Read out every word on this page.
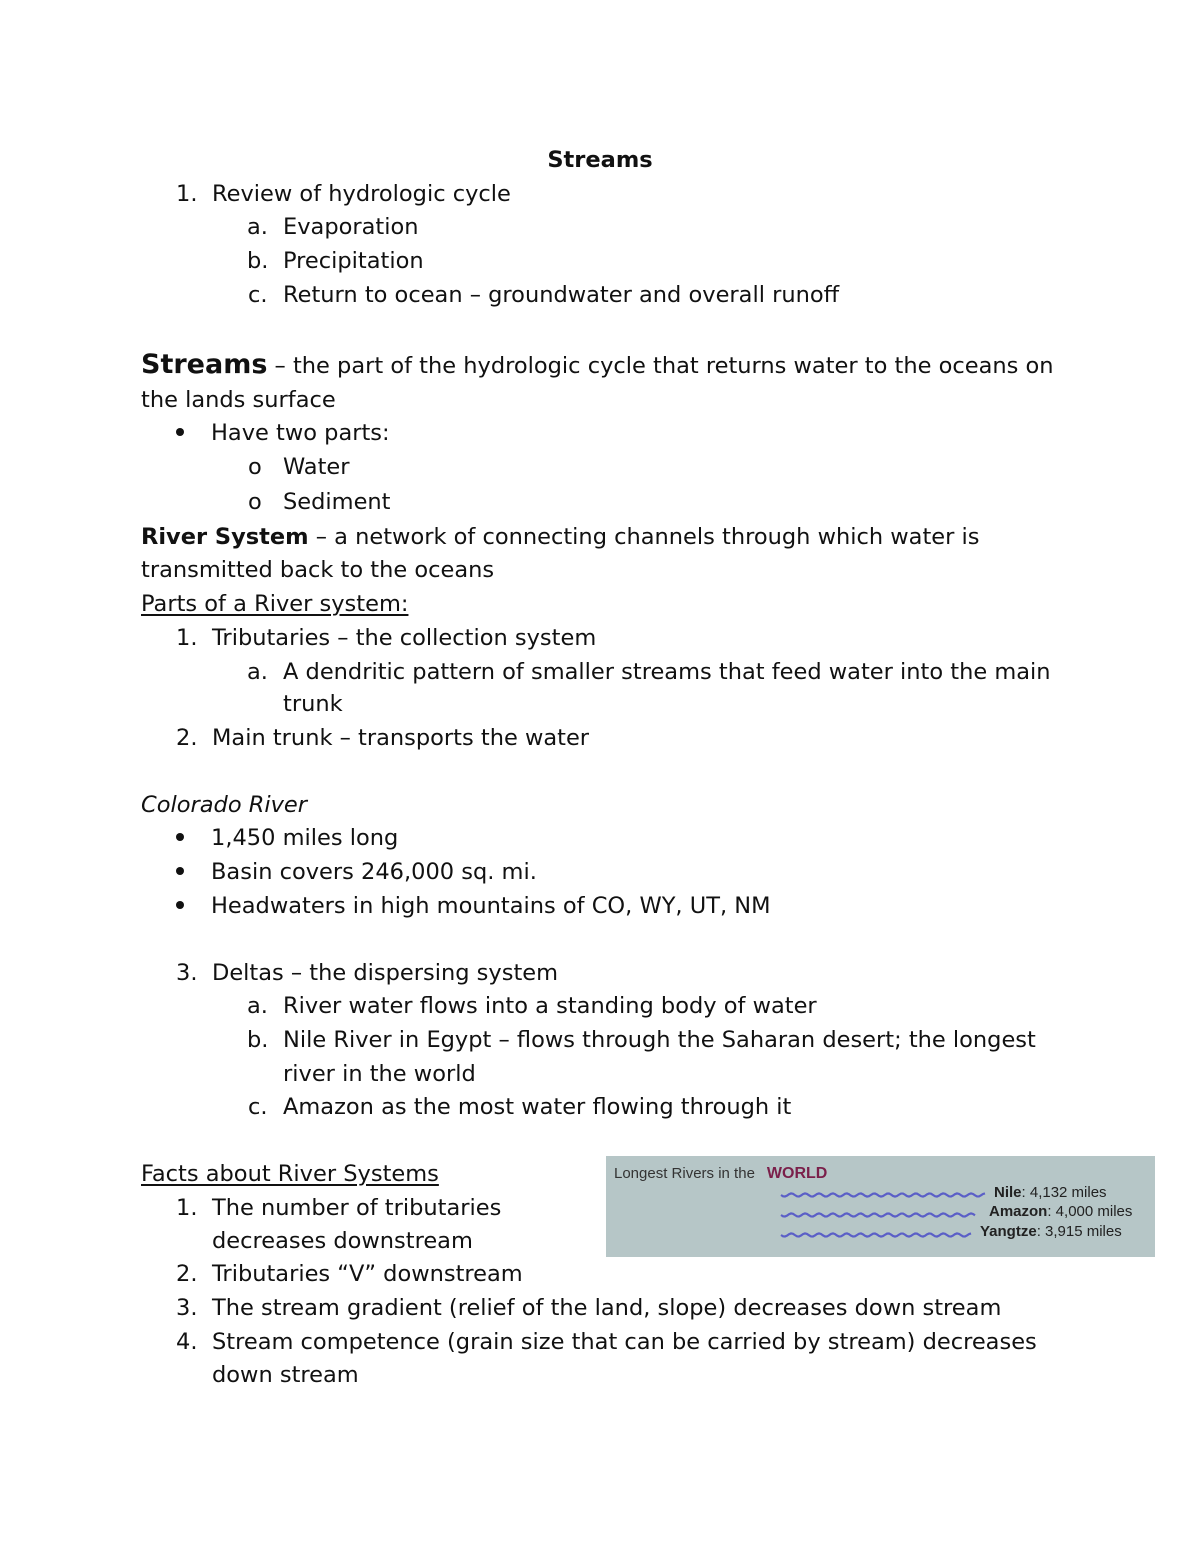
Streams
1. Review of hydrologic cycle
a. Evaporation
b. Precipitation
c. Return to ocean – groundwater and overall runoff
Streams – the part of the hydrologic cycle that returns water to the oceans on
the lands surface
Have two parts:
o Water
o Sediment
River System – a network of connecting channels through which water is
transmitted back to the oceans
Parts of a River system:
1. Tributaries – the collection system
a. A dendritic pattern of smaller streams that feed water into the main
trunk
2. Main trunk – transports the water
Colorado River
1,450 miles long
Basin covers 246,000 sq. mi.
Headwaters in high mountains of CO, WY, UT, NM
3. Deltas – the dispersing system
a. River water flows into a standing body of water
b. Nile River in Egypt – flows through the Saharan desert; the longest
river in the world
c. Amazon as the most water flowing through it
Facts about River Systems
1. The number of tributaries
decreases downstream
2. Tributaries “V” downstream
3. The stream gradient (relief of the land, slope) decreases down stream
4. Stream competence (grain size that can be carried by stream) decreases
down stream
Longest Rivers in the WORLD
Nile: 4,132 miles
Amazon: 4,000 miles
Yangtze: 3,915 miles
